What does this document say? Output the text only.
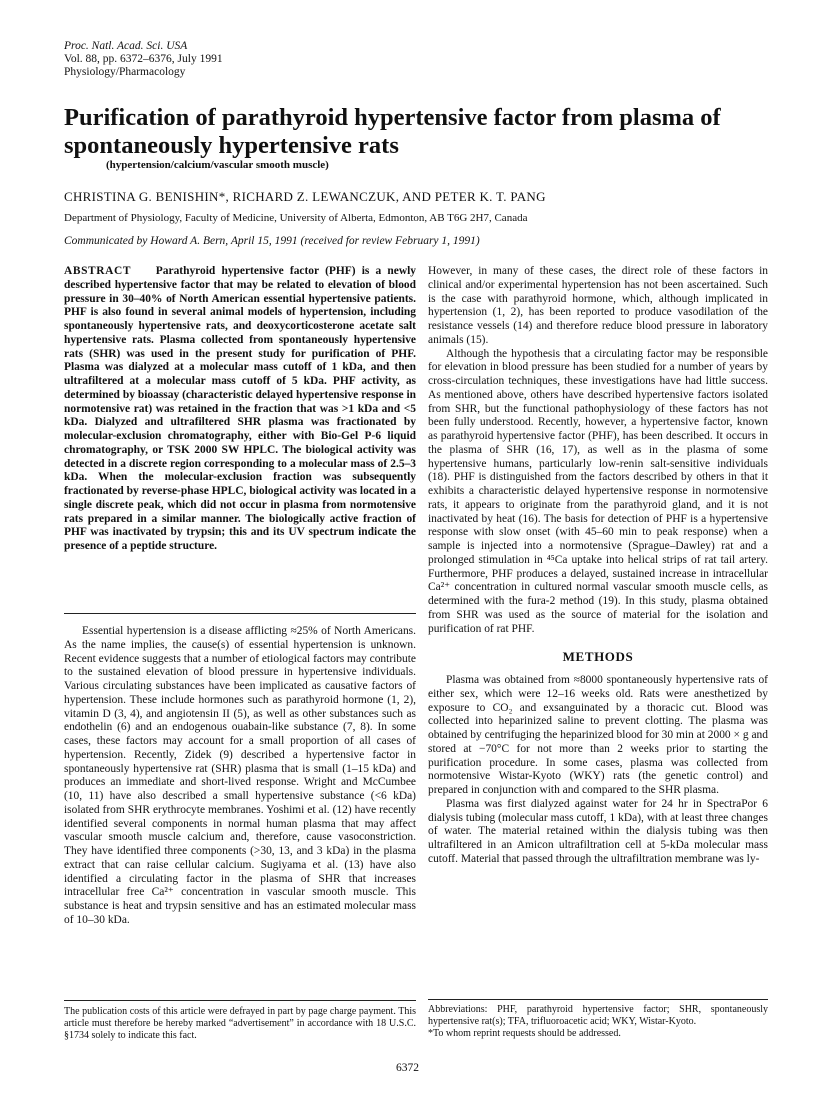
Proc. Natl. Acad. Sci. USA
Vol. 88, pp. 6372–6376, July 1991
Physiology/Pharmacology
Purification of parathyroid hypertensive factor from plasma of spontaneously hypertensive rats
(hypertension/calcium/vascular smooth muscle)
CHRISTINA G. BENISHIN*, RICHARD Z. LEWANCZUK, AND PETER K. T. PANG
Department of Physiology, Faculty of Medicine, University of Alberta, Edmonton, AB T6G 2H7, Canada
Communicated by Howard A. Bern, April 15, 1991 (received for review February 1, 1991)

ABSTRACT Parathyroid hypertensive factor (PHF) is a newly described hypertensive factor that may be related to elevation of blood pressure in 30–40% of North American essential hypertensive patients. PHF is also found in several animal models of hypertension, including spontaneously hypertensive rats, and deoxycorticosterone acetate salt hypertensive rats. Plasma collected from spontaneously hypertensive rats (SHR) was used in the present study for purification of PHF. Plasma was dialyzed at a molecular mass cutoff of 1 kDa, and then ultrafiltered at a molecular mass cutoff of 5 kDa. PHF activity, as determined by bioassay (characteristic delayed hypertensive response in normotensive rat) was retained in the fraction that was >1 kDa and <5 kDa. Dialyzed and ultrafiltered SHR plasma was fractionated by molecular-exclusion chromatography, either with Bio-Gel P-6 liquid chromatography, or TSK 2000 SW HPLC. The biological activity was detected in a discrete region corresponding to a molecular mass of 2.5–3 kDa. When the molecular-exclusion fraction was subsequently fractionated by reverse-phase HPLC, biological activity was located in a single discrete peak, which did not occur in plasma from normotensive rats prepared in a similar manner. The biologically active fraction of PHF was inactivated by trypsin; this and its UV spectrum indicate the presence of a peptide structure.

Essential hypertension is a disease afflicting ≈25% of North Americans. As the name implies, the cause(s) of essential hypertension is unknown. Recent evidence suggests that a number of etiological factors may contribute to the sustained elevation of blood pressure in hypertensive individuals. Various circulating substances have been implicated as causative factors of hypertension. These include hormones such as parathyroid hormone (1, 2), vitamin D (3, 4), and angiotensin II (5), as well as other substances such as endothelin (6) and an endogenous ouabain-like substance (7, 8). In some cases, these factors may account for a small proportion of all cases of hypertension. Recently, Zidek (9) described a hypertensive factor in spontaneously hypertensive rat (SHR) plasma that is small (1–15 kDa) and produces an immediate and short-lived response. Wright and McCumbee (10, 11) have also described a small hypertensive substance (<6 kDa) isolated from SHR erythrocyte membranes. Yoshimi et al. (12) have recently identified several components in normal human plasma that may affect vascular smooth muscle calcium and, therefore, cause vasoconstriction. They have identified three components (>30, 13, and 3 kDa) in the plasma extract that can raise cellular calcium. Sugiyama et al. (13) have also identified a circulating factor in the plasma of SHR that increases intracellular free Ca²⁺ concentration in vascular smooth muscle. This substance is heat and trypsin sensitive and has an estimated molecular mass of 10–30 kDa.

However, in many of these cases, the direct role of these factors in clinical and/or experimental hypertension has not been ascertained. Such is the case with parathyroid hormone, which, although implicated in hypertension (1, 2), has been reported to produce vasodilation of the resistance vessels (14) and therefore reduce blood pressure in laboratory animals (15).

Although the hypothesis that a circulating factor may be responsible for elevation in blood pressure has been studied for a number of years by cross-circulation techniques, these investigations have had little success. As mentioned above, others have described hypertensive factors isolated from SHR, but the functional pathophysiology of these factors has not been fully understood. Recently, however, a hypertensive factor, known as parathyroid hypertensive factor (PHF), has been described. It occurs in the plasma of SHR (16, 17), as well as in the plasma of some hypertensive humans, particularly low-renin salt-sensitive individuals (18). PHF is distinguished from the factors described by others in that it exhibits a characteristic delayed hypertensive response in normotensive rats, it appears to originate from the parathyroid gland, and it is not inactivated by heat (16). The basis for detection of PHF is a hypertensive response with slow onset (with 45–60 min to peak response) when a sample is injected into a normotensive (Sprague–Dawley) rat and a prolonged stimulation in ⁴⁵Ca uptake into helical strips of rat tail artery. Furthermore, PHF produces a delayed, sustained increase in intracellular Ca²⁺ concentration in cultured normal vascular smooth muscle cells, as determined with the fura-2 method (19). In this study, plasma obtained from SHR was used as the source of material for the isolation and purification of rat PHF.

METHODS

Plasma was obtained from ≈8000 spontaneously hypertensive rats of either sex, which were 12–16 weeks old. Rats were anesthetized by exposure to CO₂ and exsanguinated by a thoracic cut. Blood was collected into heparinized saline to prevent clotting. The plasma was obtained by centrifuging the heparinized blood for 30 min at 2000 × g and stored at −70°C for not more than 2 weeks prior to starting the purification procedure. In some cases, plasma was collected from normotensive Wistar-Kyoto (WKY) rats (the genetic control) and prepared in conjunction with and compared to the SHR plasma.

Plasma was first dialyzed against water for 24 hr in SpectraPor 6 dialysis tubing (molecular mass cutoff, 1 kDa), with at least three changes of water. The material retained within the dialysis tubing was then ultrafiltered in an Amicon ultrafiltration cell at 5-kDa molecular mass cutoff. Material that passed through the ultrafiltration membrane was ly-

The publication costs of this article were defrayed in part by page charge payment. This article must therefore be hereby marked “advertisement” in accordance with 18 U.S.C. §1734 solely to indicate this fact.

Abbreviations: PHF, parathyroid hypertensive factor; SHR, spontaneously hypertensive rat(s); TFA, trifluoroacetic acid; WKY, Wistar-Kyoto.

*To whom reprint requests should be addressed.

6372
